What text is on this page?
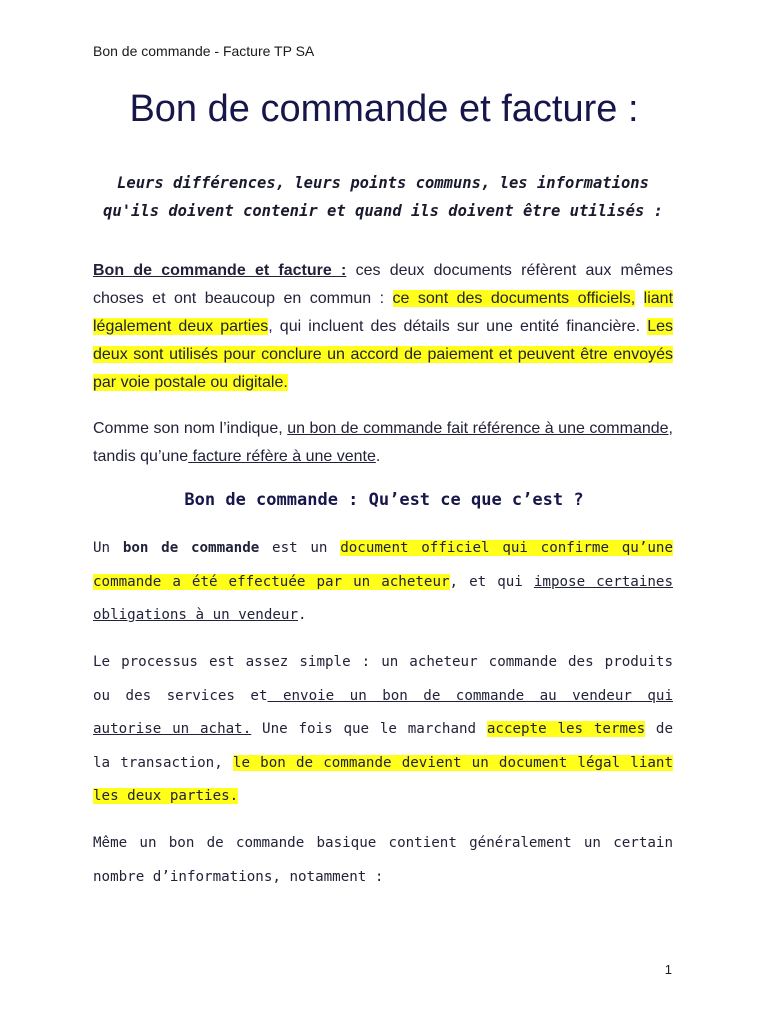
Bon de commande - Facture TP SA
Bon de commande et facture :

Leurs différences, leurs points communs, les informations qu'ils doivent contenir et quand ils doivent être utilisés :

Bon de commande et facture : ces deux documents réfèrent aux mêmes choses et ont beaucoup en commun : ce sont des documents officiels, liant légalement deux parties, qui incluent des détails sur une entité financière. Les deux sont utilisés pour conclure un accord de paiement et peuvent être envoyés par voie postale ou digitale.

Comme son nom l’indique, un bon de commande fait référence à une commande, tandis qu’une facture réfère à une vente.

Bon de commande : Qu’est ce que c’est ?

Un bon de commande est un document officiel qui confirme qu’une commande a été effectuée par un acheteur, et qui impose certaines obligations à un vendeur.

Le processus est assez simple : un acheteur commande des produits ou des services et envoie un bon de commande au vendeur qui autorise un achat. Une fois que le marchand accepte les termes de la transaction, le bon de commande devient un document légal liant les deux parties.

Même un bon de commande basique contient généralement un certain nombre d’informations, notamment :

1
